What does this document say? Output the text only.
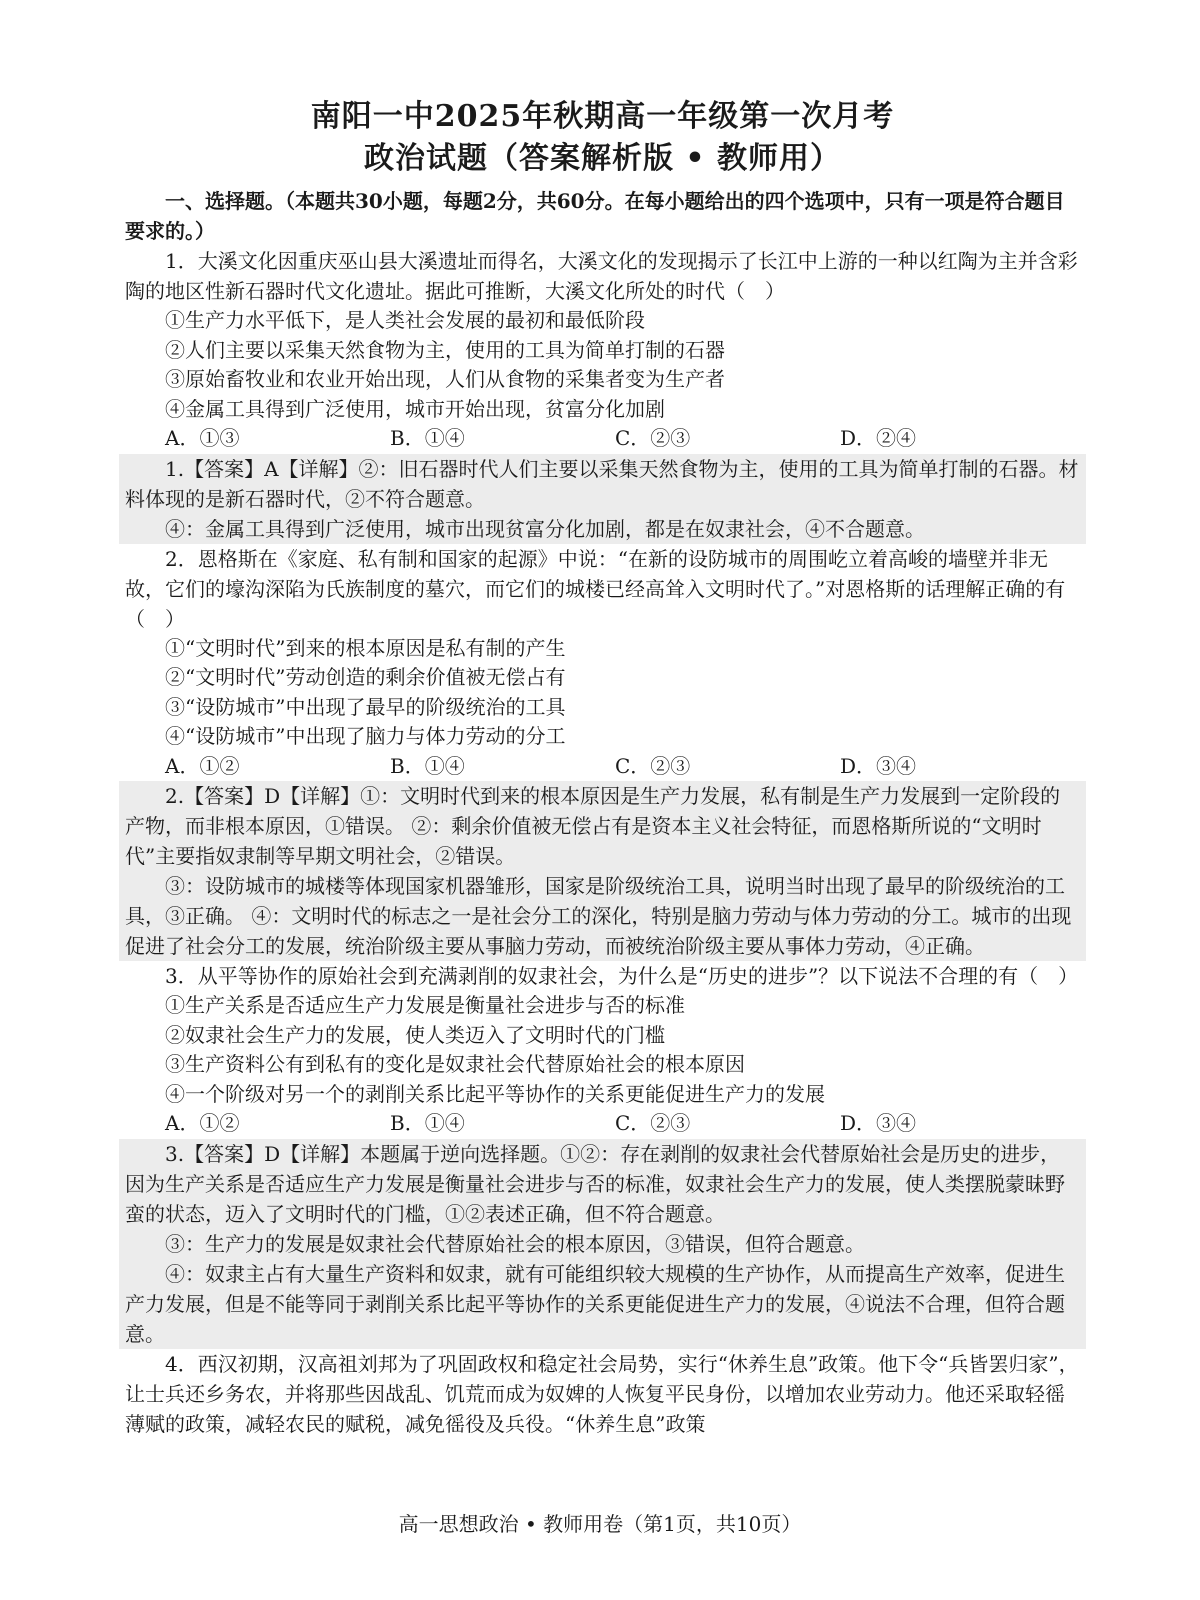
南阳一中2025年秋期高一年级第一次月考
政治试题（答案解析版 • 教师用）
一、选择题。（本题共30小题，每题2分，共60分。在每小题给出的四个选项中，只有一项是符合题目要求的。）

1．大溪文化因重庆巫山县大溪遗址而得名，大溪文化的发现揭示了长江中上游的一种以红陶为主并含彩陶的地区性新石器时代文化遗址。据此可推断，大溪文化所处的时代（　）

①生产力水平低下，是人类社会发展的最初和最低阶段

②人们主要以采集天然食物为主，使用的工具为简单打制的石器

③原始畜牧业和农业开始出现，人们从食物的采集者变为生产者

④金属工具得到广泛使用，城市开始出现，贫富分化加剧

A．①③	B．①④	C．②③	D．②④

1.【答案】A【详解】②：旧石器时代人们主要以采集天然食物为主，使用的工具为简单打制的石器。材料体现的是新石器时代，②不符合题意。

④：金属工具得到广泛使用，城市出现贫富分化加剧，都是在奴隶社会，④不合题意。

2．恩格斯在《家庭、私有制和国家的起源》中说：“在新的设防城市的周围屹立着高峻的墙壁并非无故，它们的壕沟深陷为氏族制度的墓穴，而它们的城楼已经高耸入文明时代了。”对恩格斯的话理解正确的有（　）

①“文明时代”到来的根本原因是私有制的产生

②“文明时代”劳动创造的剩余价值被无偿占有

③“设防城市”中出现了最早的阶级统治的工具

④“设防城市”中出现了脑力与体力劳动的分工

A．①②	B．①④	C．②③	D．③④

2.【答案】D【详解】①：文明时代到来的根本原因是生产力发展，私有制是生产力发展到一定阶段的产物，而非根本原因，①错误。 ②：剩余价值被无偿占有是资本主义社会特征，而恩格斯所说的“文明时代”主要指奴隶制等早期文明社会，②错误。

③：设防城市的城楼等体现国家机器雏形，国家是阶级统治工具，说明当时出现了最早的阶级统治的工具，③正确。 ④：文明时代的标志之一是社会分工的深化，特别是脑力劳动与体力劳动的分工。城市的出现促进了社会分工的发展，统治阶级主要从事脑力劳动，而被统治阶级主要从事体力劳动，④正确。

3．从平等协作的原始社会到充满剥削的奴隶社会，为什么是“历史的进步”？以下说法不合理的有（　）

①生产关系是否适应生产力发展是衡量社会进步与否的标准

②奴隶社会生产力的发展，使人类迈入了文明时代的门槛

③生产资料公有到私有的变化是奴隶社会代替原始社会的根本原因

④一个阶级对另一个的剥削关系比起平等协作的关系更能促进生产力的发展

A．①②	B．①④	C．②③	D．③④

3.【答案】D【详解】本题属于逆向选择题。①②：存在剥削的奴隶社会代替原始社会是历史的进步，因为生产关系是否适应生产力发展是衡量社会进步与否的标准，奴隶社会生产力的发展，使人类摆脱蒙昧野蛮的状态，迈入了文明时代的门槛，①②表述正确，但不符合题意。

③：生产力的发展是奴隶社会代替原始社会的根本原因，③错误，但符合题意。

④：奴隶主占有大量生产资料和奴隶，就有可能组织较大规模的生产协作，从而提高生产效率，促进生产力发展，但是不能等同于剥削关系比起平等协作的关系更能促进生产力的发展，④说法不合理，但符合题意。

4．西汉初期，汉高祖刘邦为了巩固政权和稳定社会局势，实行“休养生息”政策。他下令“兵皆罢归家”，让士兵还乡务农，并将那些因战乱、饥荒而成为奴婢的人恢复平民身份，以增加农业劳动力。他还采取轻徭薄赋的政策，减轻农民的赋税，减免徭役及兵役。“休养生息”政策

高一思想政治 • 教师用卷（第1页，共10页）
